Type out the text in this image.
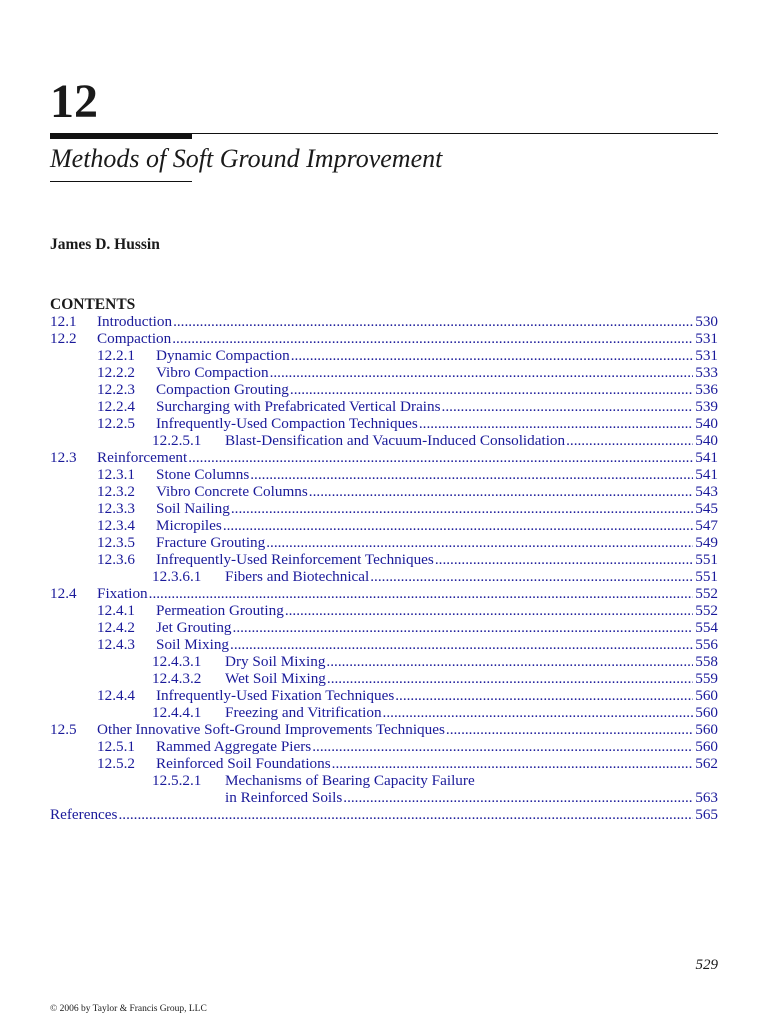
12
Methods of Soft Ground Improvement
James D. Hussin
CONTENTS
12.1 Introduction .....	530
12.2 Compaction .....	531
12.2.1 Dynamic Compaction .....	531
12.2.2 Vibro Compaction .....	533
12.2.3 Compaction Grouting .....	536
12.2.4 Surcharging with Prefabricated Vertical Drains .....	539
12.2.5 Infrequently-Used Compaction Techniques .....	540
12.2.5.1 Blast-Densification and Vacuum-Induced Consolidation .....	540
12.3 Reinforcement .....	541
12.3.1 Stone Columns .....	541
12.3.2 Vibro Concrete Columns .....	543
12.3.3 Soil Nailing .....	545
12.3.4 Micropiles .....	547
12.3.5 Fracture Grouting .....	549
12.3.6 Infrequently-Used Reinforcement Techniques .....	551
12.3.6.1 Fibers and Biotechnical .....	551
12.4 Fixation .....	552
12.4.1 Permeation Grouting .....	552
12.4.2 Jet Grouting .....	554
12.4.3 Soil Mixing .....	556
12.4.3.1 Dry Soil Mixing .....	558
12.4.3.2 Wet Soil Mixing .....	559
12.4.4 Infrequently-Used Fixation Techniques .....	560
12.4.4.1 Freezing and Vitrification .....	560
12.5 Other Innovative Soft-Ground Improvements Techniques .....	560
12.5.1 Rammed Aggregate Piers .....	560
12.5.2 Reinforced Soil Foundations .....	562
12.5.2.1 Mechanisms of Bearing Capacity Failure
in Reinforced Soils .....	563
References .....	565
529
© 2006 by Taylor & Francis Group, LLC
